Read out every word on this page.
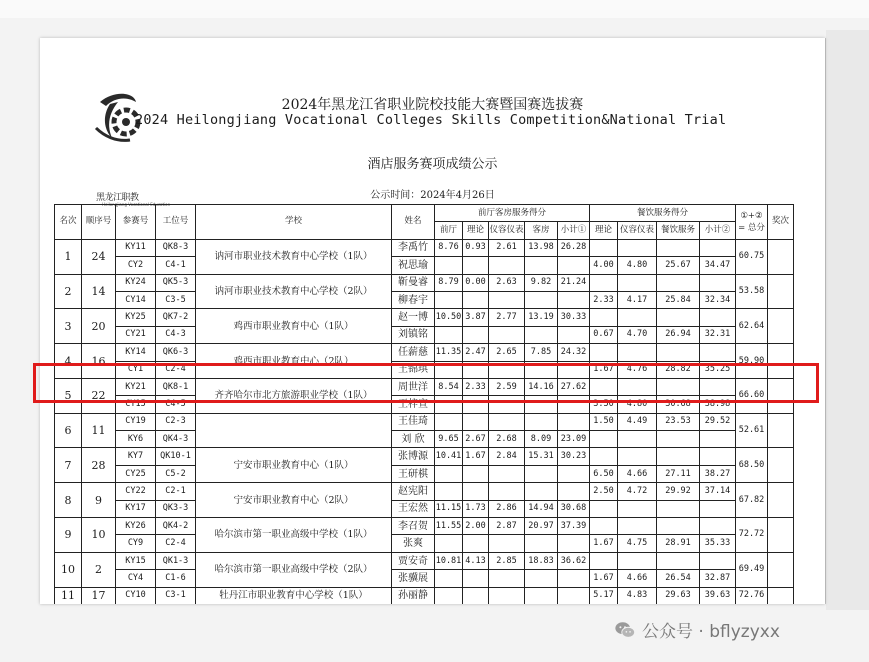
黑龙江职教
Heilongjiang Vocational Education
2024年黑龙江省职业院校技能大赛暨国赛选拔赛
2024 Heilongjiang Vocational Colleges Skills Competition&National Trial
酒店服务赛项成绩公示
公示时间：2024年4月26日
名次	顺序号	参赛号	工位号	学校	姓名	前厅客房服务得分					餐饮服务得分				①+②
= 总分	奖次
						前厅	理论	仪容仪表	客房	小计①	理论	仪容仪表	餐饮服务	小计②		
1	24	KY11	QK8-3	讷河市职业技术教育中心学校（1队）	李禹竹	8.76	0.93	2.61	13.98	26.28					60.75	
		CY2	C4-1		祝思瑜						4.00	4.80	25.67	34.47		
2	14	KY24	QK5-3	讷河市职业技术教育中心学校（2队）	靳曼睿	8.79	0.00	2.63	9.82	21.24					53.58	
		CY14	C3-5		柳春宇						2.33	4.17	25.84	32.34		
3	20	KY25	QK7-2	鸡西市职业教育中心（1队）	赵一博	10.50	3.87	2.77	13.19	30.33					62.64	
		CY21	C4-3		刘镇铭						0.67	4.70	26.94	32.31		
4	16	KY14	QK6-3	鸡西市职业教育中心（2队）	任薪慈	11.35	2.47	2.65	7.85	24.32					59.90	
		CY1	C2-4		王锦琪						1.67	4.76	28.82	35.25		
5	22	KY21	QK8-1	齐齐哈尔市北方旅游职业学校（1队）	周世洋	8.54	2.33	2.59	14.16	27.62					66.60	
		CY15	C4-5		王梓宣						3.50	4.80	30.68	38.98		
6	11	CY19	C2-3		王佳琦						1.50	4.49	23.53	29.52	52.61	
		KY6	QK4-3		刘 欣	9.65	2.67	2.68	8.09	23.09						
7	28	KY7	QK10-1	宁安市职业教育中心（1队）	张博源	10.41	1.67	2.84	15.31	30.23					68.50	
		CY25	C5-2		王研棋						6.50	4.66	27.11	38.27		
8	9	CY22	C2-1	宁安市职业教育中心（2队）	赵宪阳						2.50	4.72	29.92	37.14	67.82	
		KY17	QK3-3		王宏然	11.15	1.73	2.86	14.94	30.68						
9	10	KY26	QK4-2	哈尔滨市第一职业高级中学校（1队）	李召贺	11.55	2.00	2.87	20.97	37.39					72.72	
		CY9	C2-4		张爽						1.67	4.75	28.91	35.33		
10	2	KY15	QK1-3	哈尔滨市第一职业高级中学校（2队）	贾安奇	10.81	4.13	2.85	18.83	36.62					69.49	
		CY4	C1-6		张骥展						1.67	4.66	26.54	32.87		
11	17	CY10	C3-1	牡丹江市职业教育中心学校（1队）	孙丽静						5.17	4.83	29.63	39.63	72.76	
公众号 · bflyzyxx
